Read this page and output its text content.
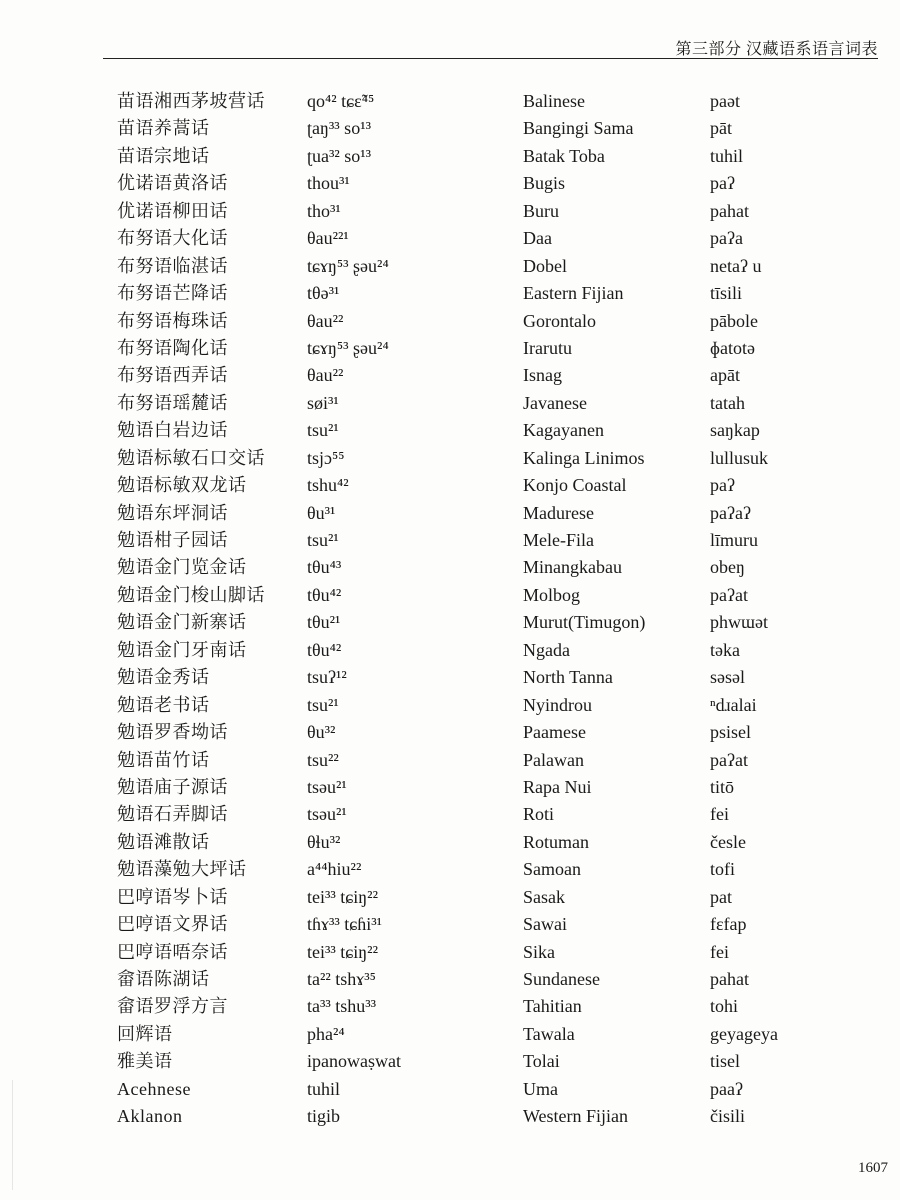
第三部分 汉藏语系语言词表
苗语湘西茅坡营话
苗语养蒿话
苗语宗地话
优诺语黄洛话
优诺语柳田话
布努语大化话
布努语临湛话
布努语芒降话
布努语梅珠话
布努语陶化话
布努语西弄话
布努语瑶麓话
勉语白岩边话
勉语标敏石口交话
勉语标敏双龙话
勉语东坪洞话
勉语柑子园话
勉语金门览金话
勉语金门梭山脚话
勉语金门新寨话
勉语金门牙南话
勉语金秀话
勉语老书话
勉语罗香坳话
勉语苗竹话
勉语庙子源话
勉语石弄脚话
勉语滩散话
勉语藻勉大坪话
巴哼语岑卜话
巴哼语文界话
巴哼语唔奈话
畲语陈湖话
畲语罗浮方言
回辉语
雅美语
Acehnese
Aklanon
qo⁴² tɕɛ̃⁴⁵
ʈaŋ³³ so¹³
ʈua³² so¹³
thou³¹
tho³¹
θau²²¹
tɕɤŋ⁵³ ʂəu²⁴
tθə³¹
θau²²
tɕɤŋ⁵³ ʂəu²⁴
θau²²
søi³¹
tsu²¹
tsjɔ⁵⁵
tshu⁴²
θu³¹
tsu²¹
tθu⁴³
tθu⁴²
tθu²¹
tθu⁴²
tsuʔ¹²
tsu²¹
θu³²
tsu²²
tsəu²¹
tsəu²¹
θɬu³²
a⁴⁴hiu²²
tei³³ tɕiŋ²²
tɦɤ³³ tɕɦi³¹
tei³³ tɕiŋ²²
ta²² tshɤ³⁵
ta³³ tshu³³
pha²⁴
ipanowaṣwat
tuhil
tigib
Balinese
Bangingi Sama
Batak Toba
Bugis
Buru
Daa
Dobel
Eastern Fijian
Gorontalo
Irarutu
Isnag
Javanese
Kagayanen
Kalinga Linimos
Konjo Coastal
Madurese
Mele-Fila
Minangkabau
Molbog
Murut(Timugon)
Ngada
North Tanna
Nyindrou
Paamese
Palawan
Rapa Nui
Roti
Rotuman
Samoan
Sasak
Sawai
Sika
Sundanese
Tahitian
Tawala
Tolai
Uma
Western Fijian
paət
pāt
tuhil
paʔ
pahat
paʔa
netaʔ u
tīsili
pābole
ɸatotə
apāt
tatah
saŋkap
lullusuk
paʔ
paʔaʔ
līmuru
obeŋ
paʔat
phwɯət
təka
səsəl
ⁿdɹalai
psisel
paʔat
titō
fei
česle
tofi
pat
fɛfap
fei
pahat
tohi
geyageya
tisel
paaʔ
čisili
1607
